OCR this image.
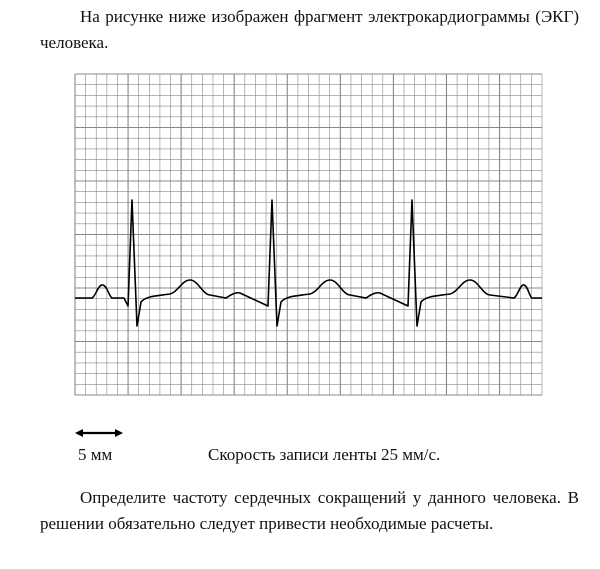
На рисунке ниже изображен фрагмент электрокардиограммы (ЭКГ) человека.
5 мм	Скорость записи ленты 25 мм/с.
Определите частоту сердечных сокращений у данного человека. В решении обязательно следует привести необходимые расчеты.
